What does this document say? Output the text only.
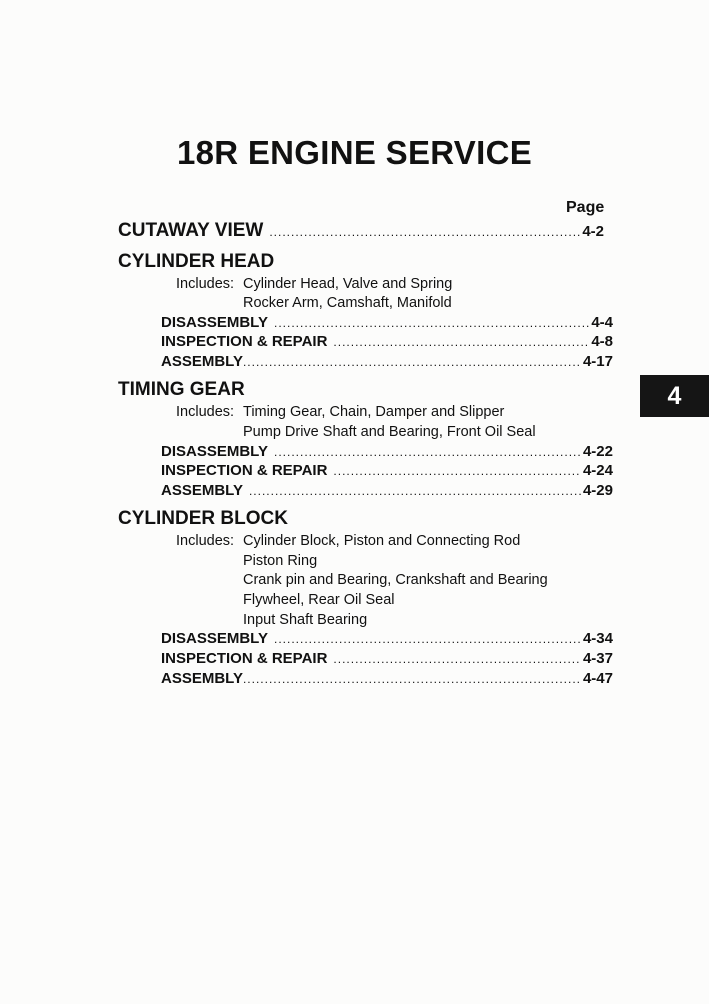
18R ENGINE SERVICE
Page
4
CUTAWAY VIEW .....	4-2
CYLINDER HEAD
Includes: Cylinder Head, Valve and Spring
Rocker Arm, Camshaft, Manifold
DISASSEMBLY .....	4-4
INSPECTION & REPAIR .....	4-8
ASSEMBLY .....	4-17
TIMING GEAR
Includes: Timing Gear, Chain, Damper and Slipper
Pump Drive Shaft and Bearing, Front Oil Seal
DISASSEMBLY .....	4-22
INSPECTION & REPAIR .....	4-24
ASSEMBLY .....	4-29
CYLINDER BLOCK
Includes: Cylinder Block, Piston and Connecting Rod
Piston Ring
Crank pin and Bearing, Crankshaft and Bearing
Flywheel, Rear Oil Seal
Input Shaft Bearing
DISASSEMBLY .....	4-34
INSPECTION & REPAIR .....	4-37
ASSEMBLY .....	4-47
